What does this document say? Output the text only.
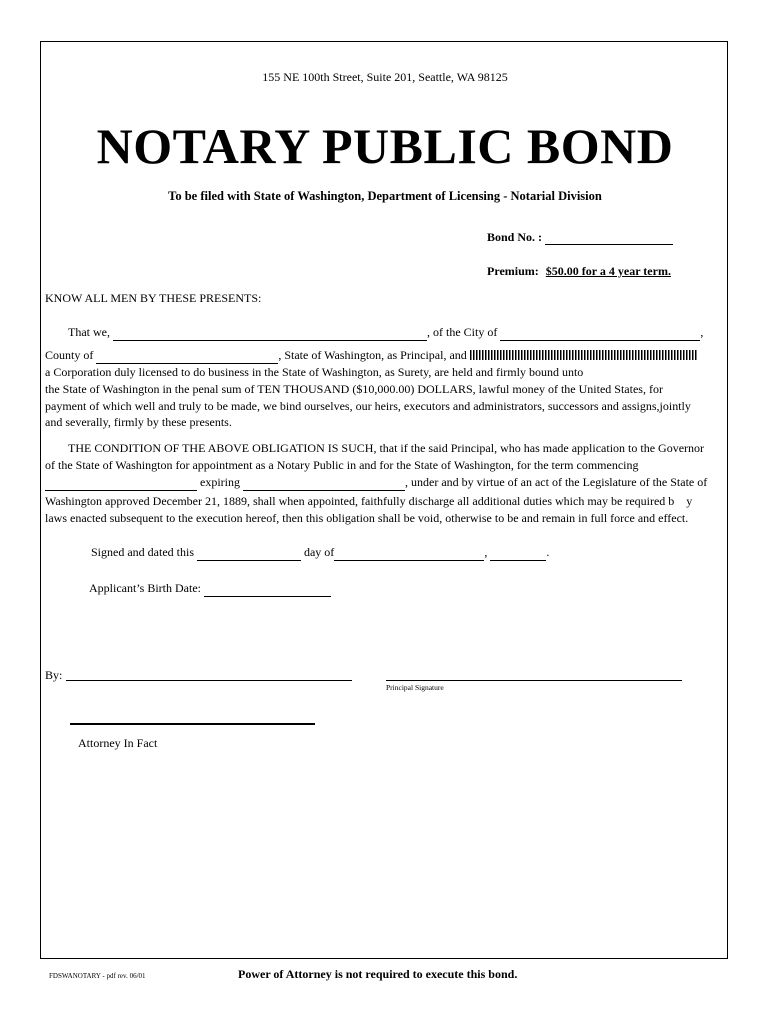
155 NE 100th Street, Suite 201, Seattle, WA 98125
NOTARY PUBLIC BOND
To be filed with State of Washington, Department of Licensing - Notarial Division
Bond No. :
Premium: $50.00 for a 4 year term.
KNOW ALL MEN BY THESE PRESENTS:
That we,	, of the City of	,
County of	, State of Washington, as Principal, and
a Corporation duly licensed to do business in the State of Washington, as Surety, are held and firmly bound unto
the State of Washington in the penal sum of TEN THOUSAND ($10,000.00) DOLLARS, lawful money of the United States, for
payment of which well and truly to be made, we bind ourselves, our heirs, executors and administrators, successors and assigns,jointly
and severally, firmly by these presents.
THE CONDITION OF THE ABOVE OBLIGATION IS SUCH, that if the said Principal, who has made application to the Governor
of the State of Washington for appointment as a Notary Public in and for the State of Washington, for the term commencing
expiring	, under and by virtue of an act of the Legislature of the State of
Washington approved December 21, 1889, shall when appointed, faithfully discharge all additional duties which may be required b    y
laws enacted subsequent to the execution hereof, then this obligation shall be void, otherwise to be and remain in full force and effect.
Signed and dated this	day of	,	.
Applicant’s Birth Date:
By:
Principal Signature
Attorney In Fact
FDSWANOTARY - pdf rev. 06/01	Power of Attorney is not required to execute this bond.
